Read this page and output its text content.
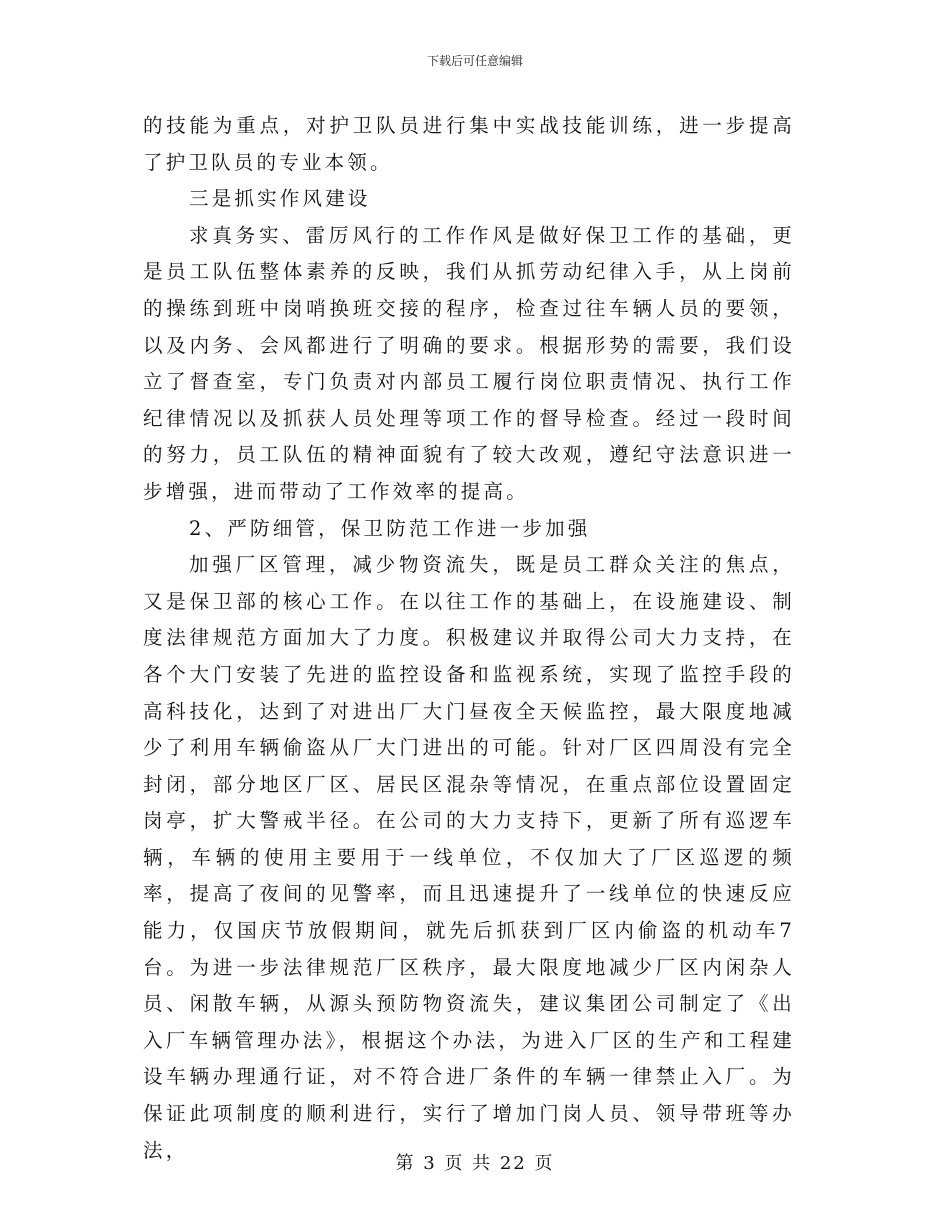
下载后可任意编辑

的技能为重点，对护卫队员进行集中实战技能训练，进一步提高了护卫队员的专业本领。

三是抓实作风建设

求真务实、雷厉风行的工作作风是做好保卫工作的基础，更是员工队伍整体素养的反映，我们从抓劳动纪律入手，从上岗前的操练到班中岗哨换班交接的程序，检查过往车辆人员的要领，以及内务、会风都进行了明确的要求。根据形势的需要，我们设立了督查室，专门负责对内部员工履行岗位职责情况、执行工作纪律情况以及抓获人员处理等项工作的督导检查。经过一段时间的努力，员工队伍的精神面貌有了较大改观，遵纪守法意识进一步增强，进而带动了工作效率的提高。

2、严防细管，保卫防范工作进一步加强

加强厂区管理，减少物资流失，既是员工群众关注的焦点，又是保卫部的核心工作。在以往工作的基础上，在设施建设、制度法律规范方面加大了力度。积极建议并取得公司大力支持，在各个大门安装了先进的监控设备和监视系统，实现了监控手段的高科技化，达到了对进出厂大门昼夜全天候监控，最大限度地减少了利用车辆偷盗从厂大门进出的可能。针对厂区四周没有完全封闭，部分地区厂区、居民区混杂等情况，在重点部位设置固定岗亭，扩大警戒半径。在公司的大力支持下，更新了所有巡逻车辆，车辆的使用主要用于一线单位，不仅加大了厂区巡逻的频率，提高了夜间的见警率，而且迅速提升了一线单位的快速反应能力，仅国庆节放假期间，就先后抓获到厂区内偷盗的机动车7台。为进一步法律规范厂区秩序，最大限度地减少厂区内闲杂人员、闲散车辆，从源头预防物资流失，建议集团公司制定了《出入厂车辆管理办法》，根据这个办法，为进入厂区的生产和工程建设车辆办理通行证，对不符合进厂条件的车辆一律禁止入厂。为保证此项制度的顺利进行，实行了增加门岗人员、领导带班等办法，

第 3 页 共 22 页
